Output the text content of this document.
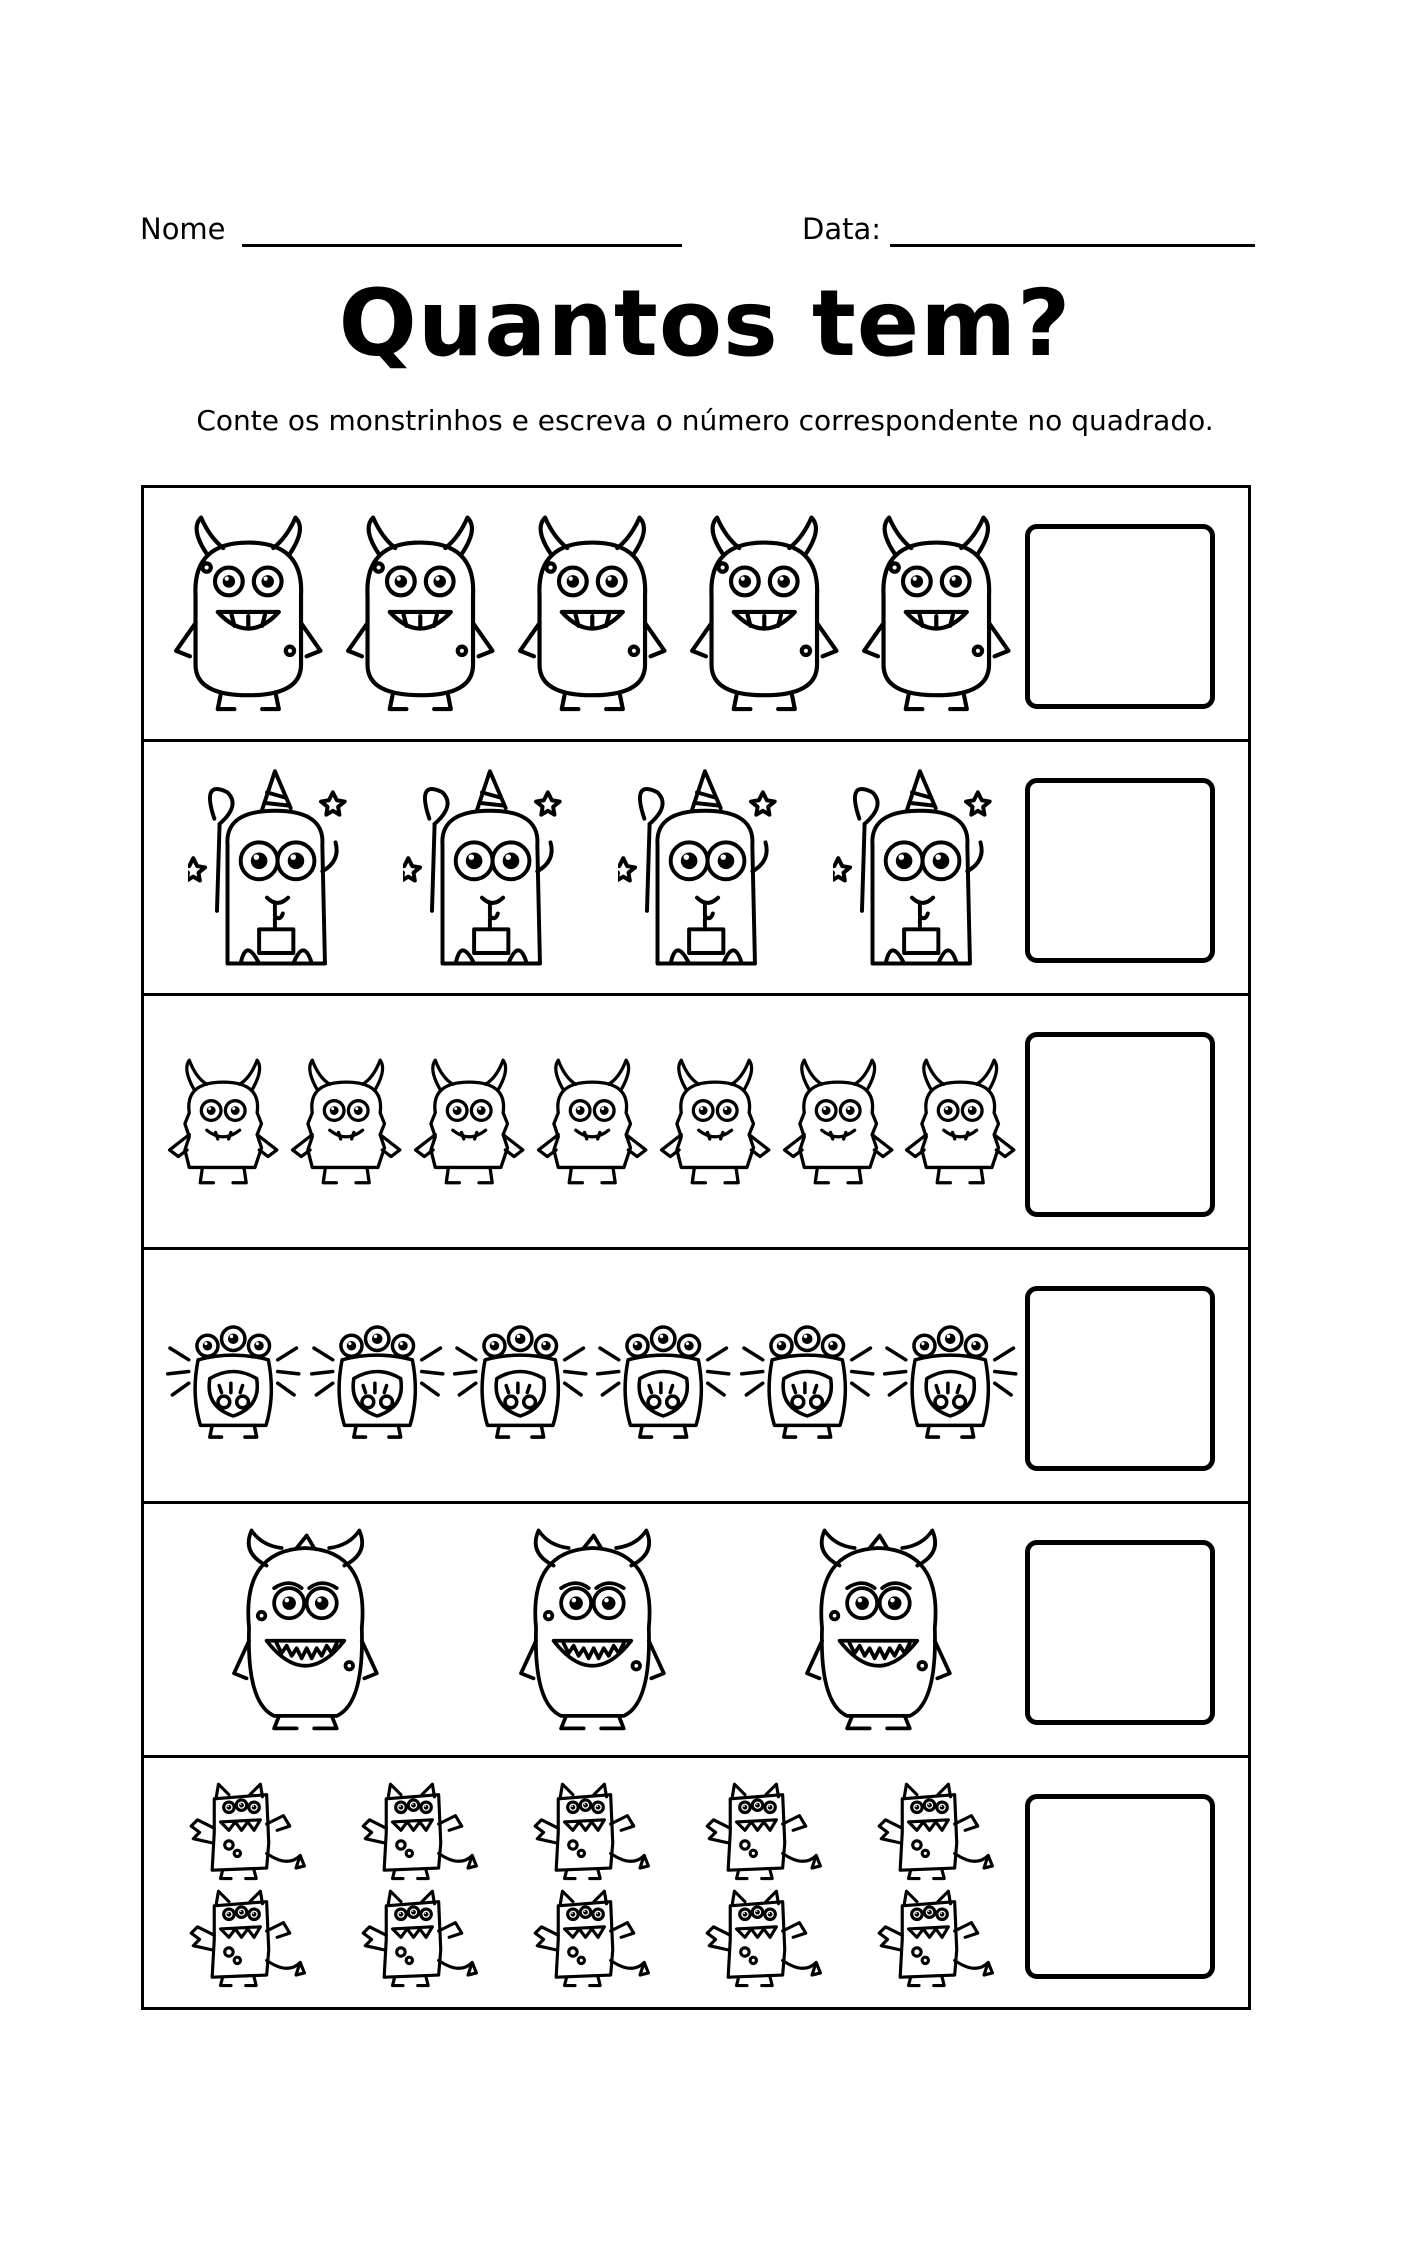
Nome	Data:
Quantos tem?
Conte os monstrinhos e escreva o número correspondente no quadrado.
